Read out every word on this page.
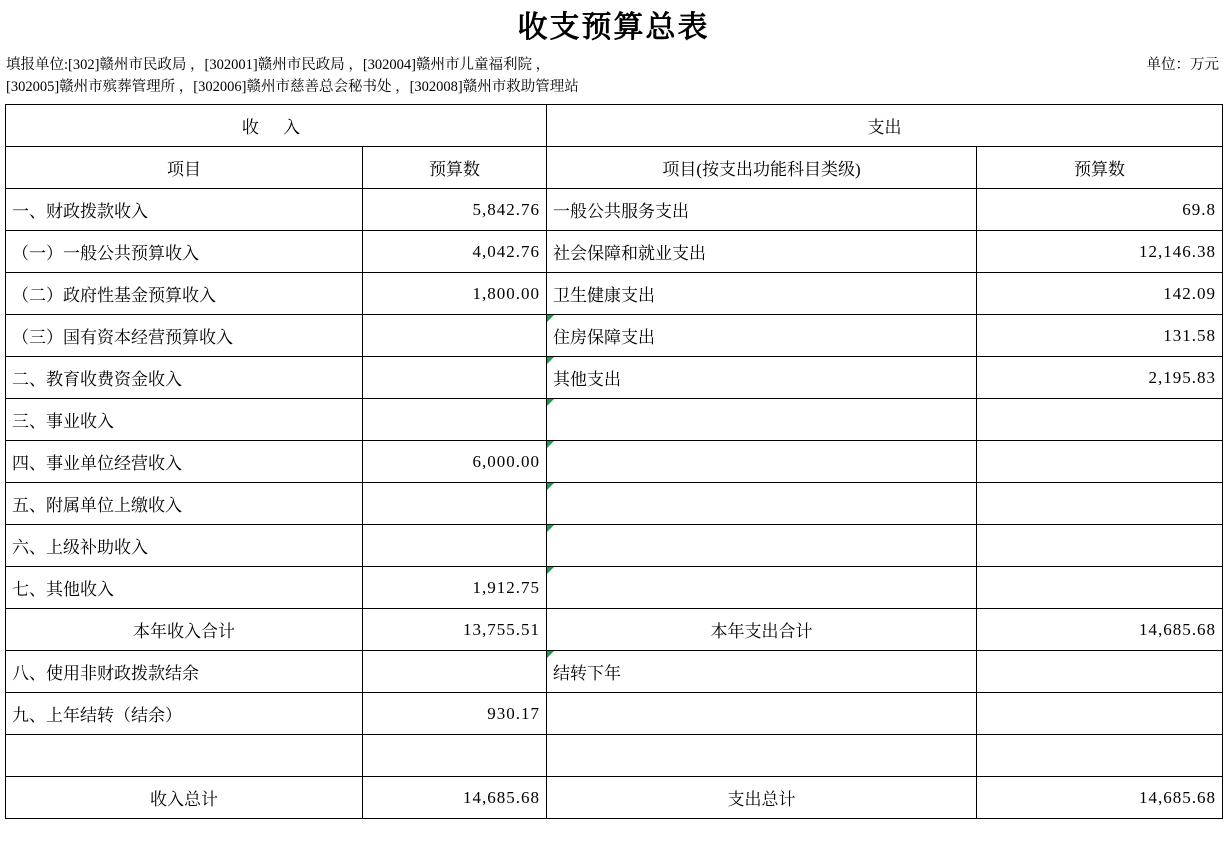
收支预算总表
填报单位:[302]赣州市民政局 ，[302001]赣州市民政局 ，[302004]赣州市儿童福利院 ，
[302005]赣州市殡葬管理所 ，[302006]赣州市慈善总会秘书处 ，[302008]赣州市救助管理站
单位：万元
收 入		支出	
项目	预算数	项目(按支出功能科目类级)	预算数
一、财政拨款收入	5,842.76	一般公共服务支出	69.8
（一）一般公共预算收入	4,042.76	社会保障和就业支出	12,146.38
（二）政府性基金预算收入	1,800.00	卫生健康支出	142.09
（三）国有资本经营预算收入		住房保障支出	131.58
二、教育收费资金收入		其他支出	2,195.83
三、事业收入			
四、事业单位经营收入	6,000.00		
五、附属单位上缴收入			
六、上级补助收入			
七、其他收入	1,912.75		
本年收入合计	13,755.51	本年支出合计	14,685.68
八、使用非财政拨款结余		结转下年	
九、上年结转（结余）	930.17		

收入总计	14,685.68	支出总计	14,685.68
